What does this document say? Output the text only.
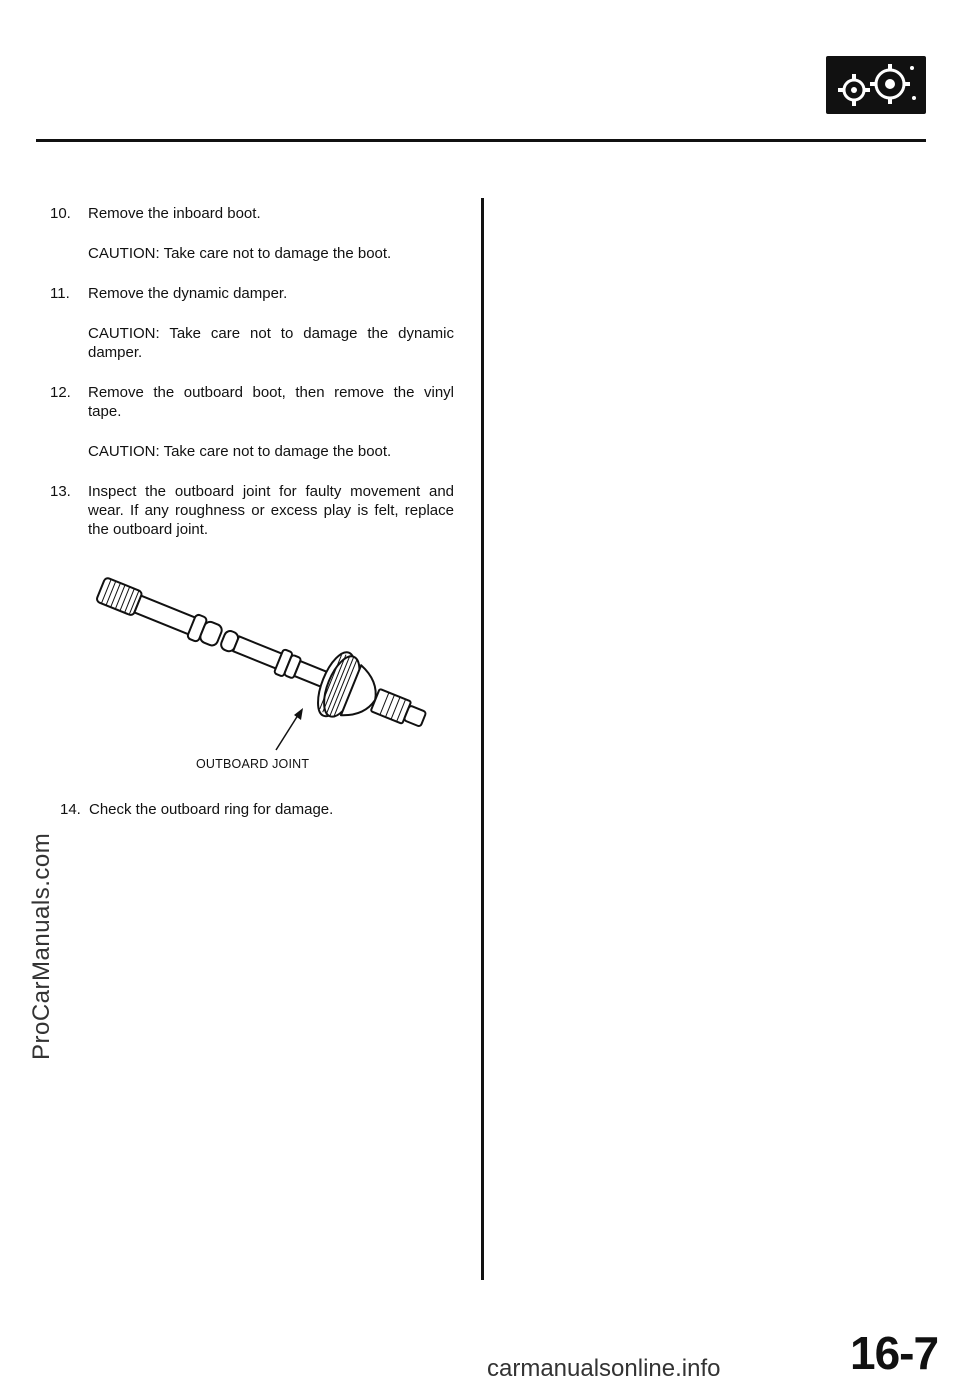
10. Remove the inboard boot.
CAUTION: Take care not to damage the boot.
11. Remove the dynamic damper.
CAUTION: Take care not to damage the dynamic damper.
12. Remove the outboard boot, then remove the vinyl tape.
CAUTION: Take care not to damage the boot.
13. Inspect the outboard joint for faulty movement and wear. If any roughness or excess play is felt, replace the outboard joint.
OUTBOARD JOINT
14. Check the outboard ring for damage.
ProCarManuals.com
carmanualsonline.info	16-7
